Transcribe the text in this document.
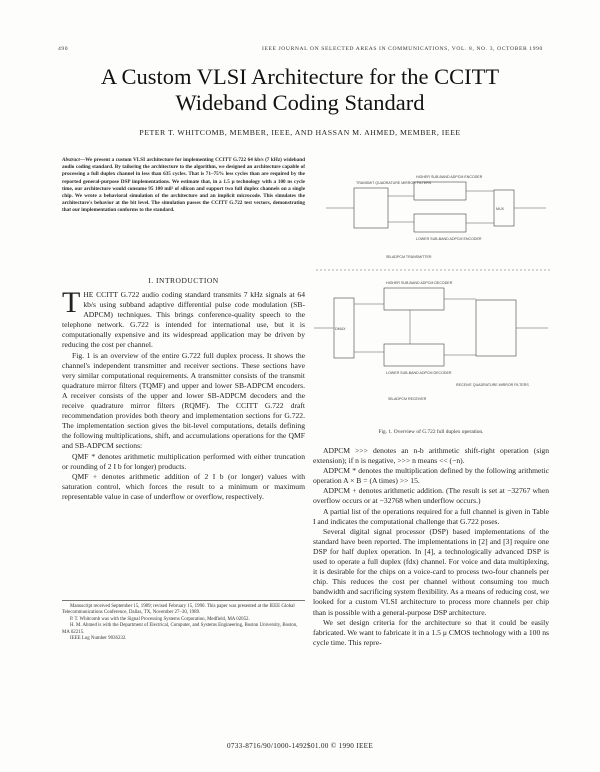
490	IEEE JOURNAL ON SELECTED AREAS IN COMMUNICATIONS, VOL. 8, NO. 3, OCTOBER 1990
A Custom VLSI Architecture for the CCITT
Wideband Coding Standard
PETER T. WHITCOMB, MEMBER, IEEE, AND HASSAN M. AHMED, MEMBER, IEEE
Abstract—We present a custom VLSI architecture for implementing CCITT G.722 64 kb/s (7 kHz) wideband audio coding standard. By tailoring the architecture to the algorithm, we designed an architecture capable of processing a full duplex channel in less than 635 cycles. That is 71–75% less cycles than are required by the reported general-purpose DSP implementations. We estimate that, in a 1.5 μ technology with a 100 ns cycle time, our architecture would consume 95 100 mil² of silicon and support two full duplex channels on a single chip. We wrote a behavioral simulation of the architecture and an implicit microcode. This simulates the architecture's behavior at the bit level. The simulation passes the CCITT G.722 test vectors, demonstrating that our implementation conforms to the standard.
I. INTRODUCTION

THE CCITT G.722 audio coding standard transmits 7 kHz signals at 64 kb/s using subband adaptive differential pulse code modulation (SB-ADPCM) techniques. This brings conference-quality speech to the telephone network. G.722 is intended for international use, but it is computationally expensive and its widespread application may be driven by reducing the cost per channel.

Fig. 1 is an overview of the entire G.722 full duplex process. It shows the channel's independent transmitter and receiver sections. These sections have very similar computational requirements. A transmitter consists of the transmit quadrature mirror filters (TQMF) and upper and lower SB-ADPCM encoders. A receiver consists of the upper and lower SB-ADPCM decoders and the receive quadrature mirror filters (RQMF). The CCITT G.722 draft recommendation provides both theory and implementation sections for G.722. The implementation section gives the bit-level computations, details defining the following multiplications, shift, and accumulations operations for the QMF and SB-ADPCM sections:

QMF * denotes arithmetic multiplication performed with either truncation or rounding of 2 I b for longer) products.

QMF + denotes arithmetic addition of 2 I b (or longer) values with saturation control, which forces the result to a minimum or maximum representable value in case of underflow or overflow, respectively.

Manuscript received September 15, 1989; revised February 15, 1990. This paper was presented at the IEEE Global Telecommunications Conference, Dallas, TX, November 27–30, 1989.

P. T. Whitcomb was with the Signal Processing Systems Corporation, Medfield, MA 02052.

H. M. Ahmed is with the Department of Electrical, Computer, and Systems Engineering, Boston University, Boston, MA 02215.

IEEE Log Number 9036232.

TRANSMIT QUADRATURE MIRROR FILTERS
HIGHER SUB-BAND ADPCM ENCODER
LOWER SUB-BAND ADPCM ENCODER
MUX
SB-ADPCM TRANSMITTER
DMUX
HIGHER SUB-BAND ADPCM DECODER
LOWER SUB-BAND ADPCM DECODER
RECEIVE QUADRATURE MIRROR FILTERS
SB-ADPCM RECEIVER
Fig. 1. Overview of G.722 full duplex operation.

ADPCM >>> denotes an n-b arithmetic shift-right operation (sign extension); if n is negative, >>> n means << (−n).

ADPCM * denotes the multiplication defined by the following arithmetic operation A × B = (A times) >> 15.

ADPCM + denotes arithmetic addition. (The result is set at −32767 when overflow occurs or at −32768 when underflow occurs.)

A partial list of the operations required for a full channel is given in Table I and indicates the computational challenge that G.722 poses.

Several digital signal processor (DSP) based implementations of the standard have been reported. The implementations in [2] and [3] require one DSP for half duplex operation. In [4], a technologically advanced DSP is used to operate a full duplex (fdx) channel. For voice and data multiplexing, it is desirable for the chips on a voice-card to process two-four channels per chip. This reduces the cost per channel without consuming too much bandwidth and sacrificing system flexibility. As a means of reducing cost, we looked for a custom VLSI architecture to process more channels per chip than is possible with a general-purpose DSP architecture.

We set design criteria for the architecture so that it could be easily fabricated. We want to fabricate it in a 1.5 μ CMOS technology with a 100 ns cycle time. This repre-

0733-8716/90/1000-1492$01.00 © 1990 IEEE
